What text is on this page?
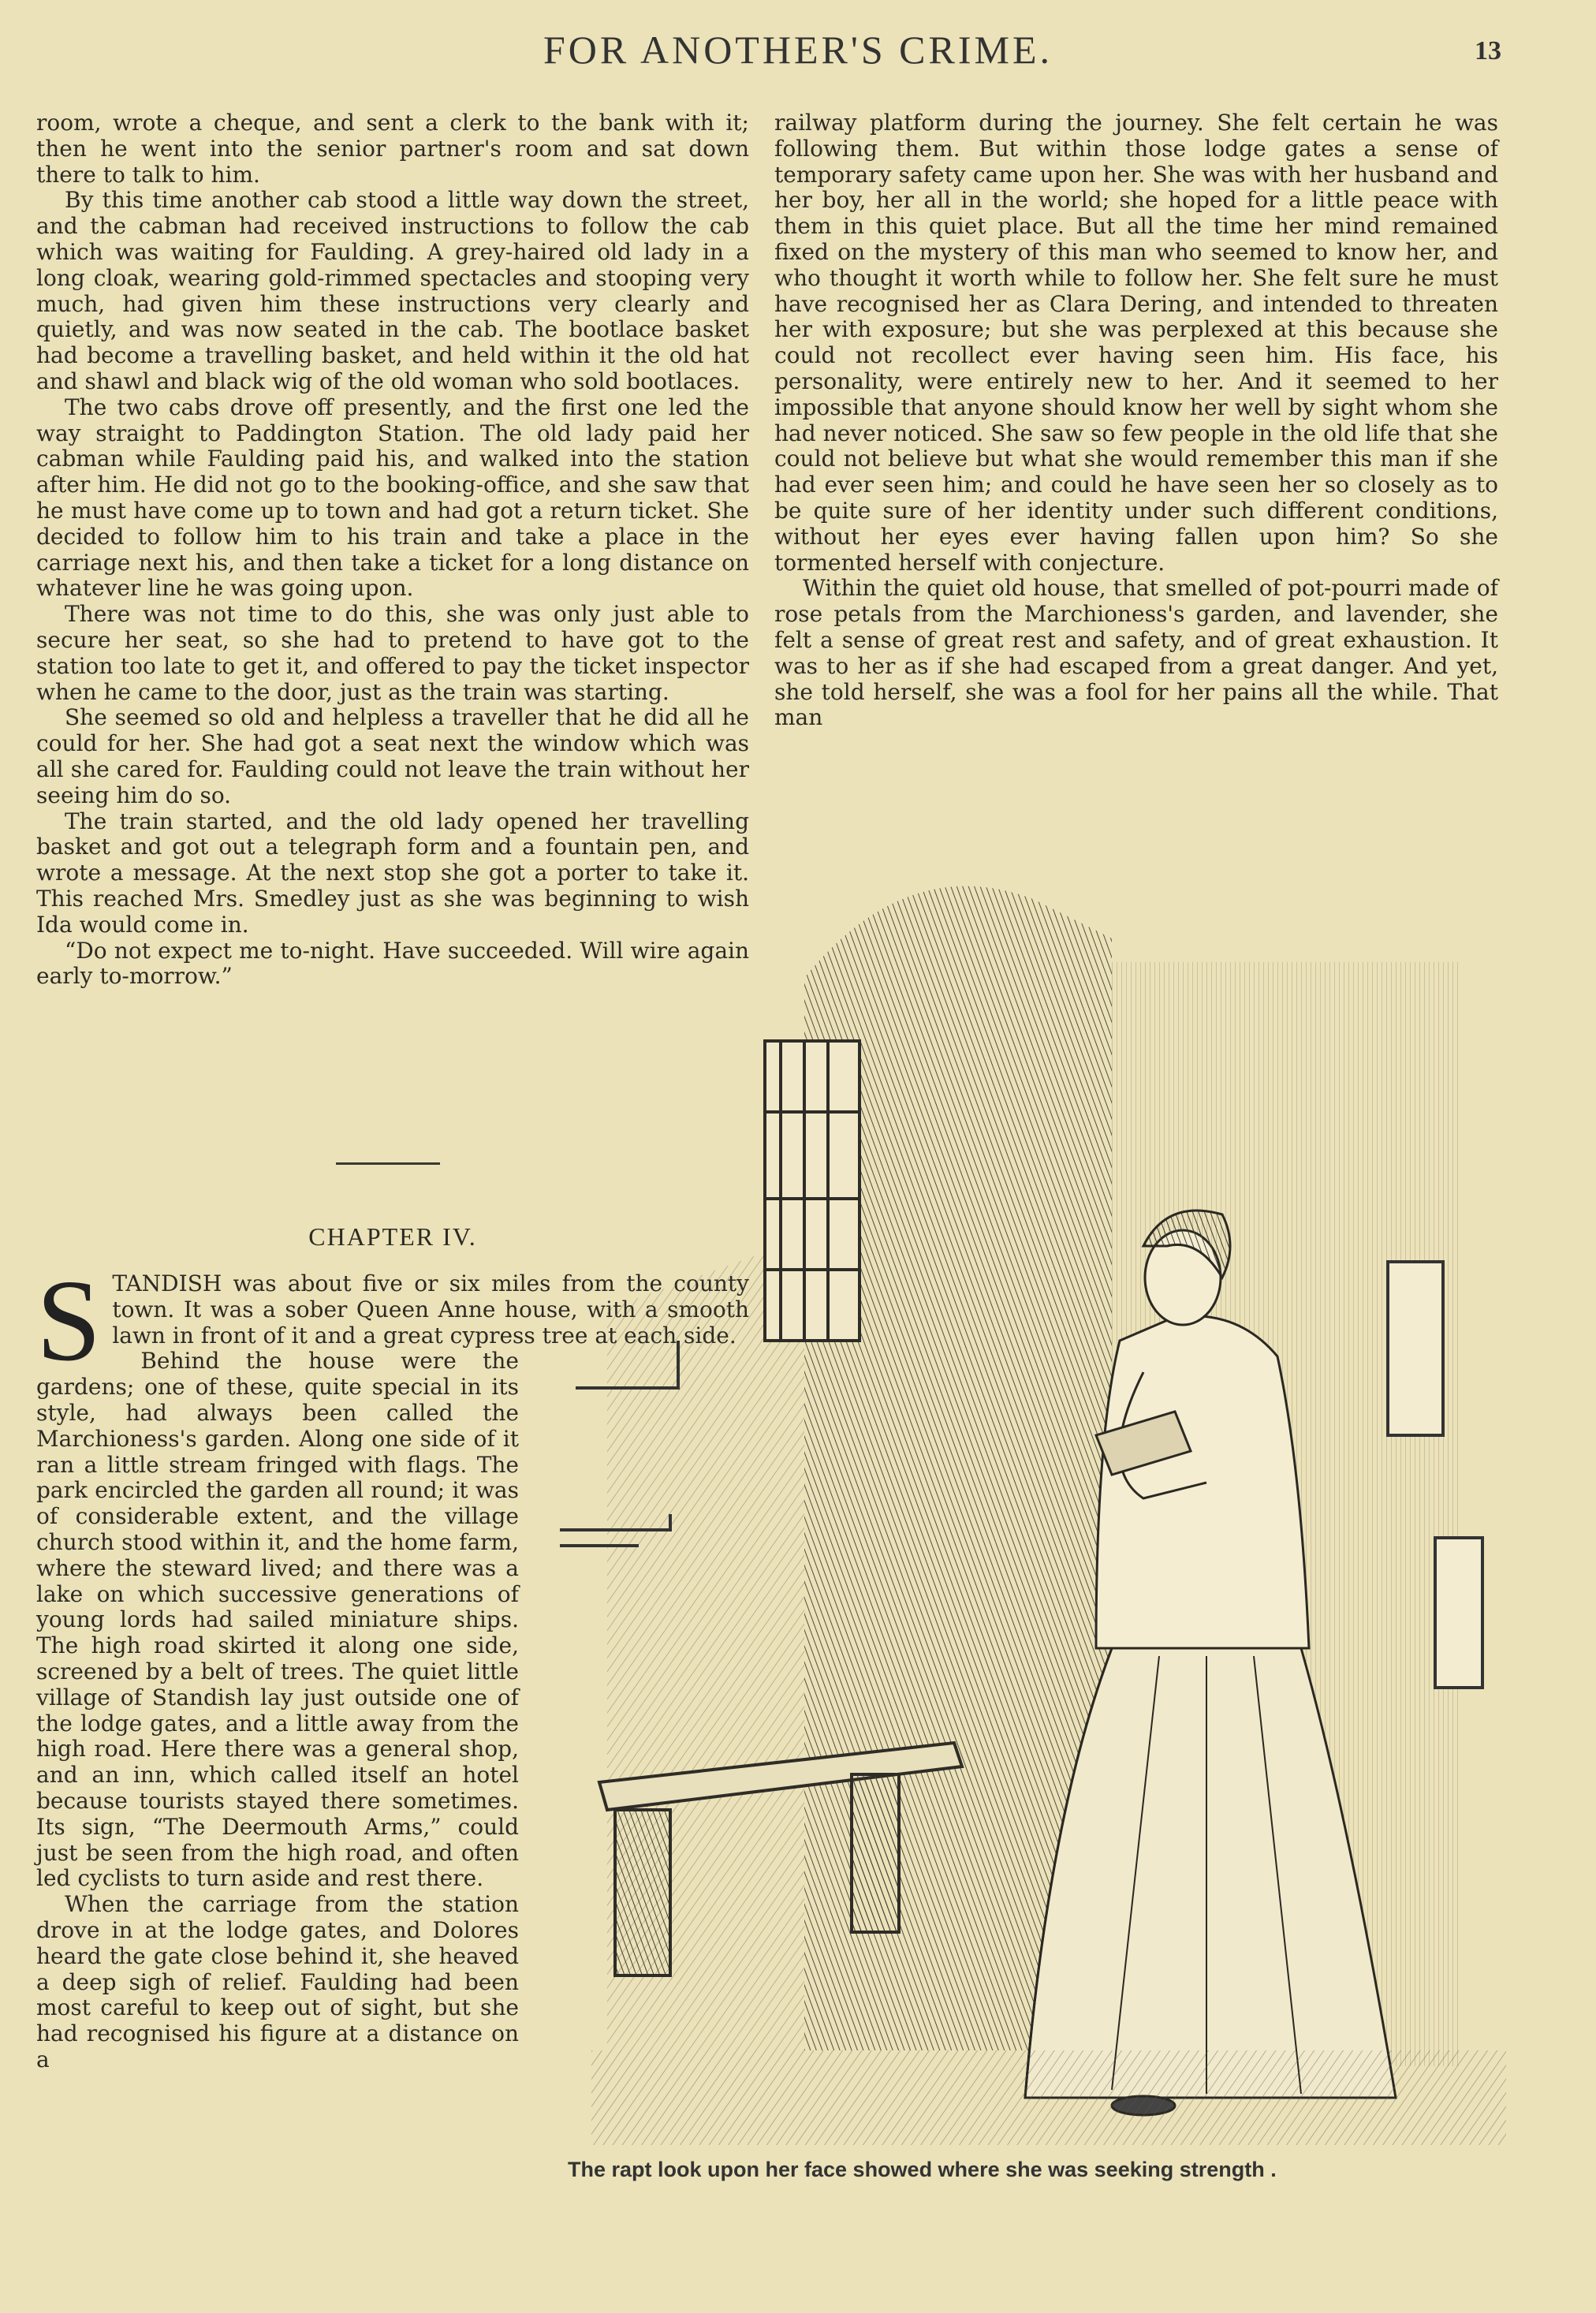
FOR ANOTHER'S CRIME.	13

room, wrote a cheque, and sent a clerk to the bank with it; then he went into the senior partner's room and sat down there to talk to him.

By this time another cab stood a little way down the street, and the cabman had received instructions to follow the cab which was waiting for Faulding. A grey-haired old lady in a long cloak, wearing gold-rimmed spectacles and stooping very much, had given him these instructions very clearly and quietly, and was now seated in the cab. The bootlace basket had become a travelling basket, and held within it the old hat and shawl and black wig of the old woman who sold bootlaces.

The two cabs drove off presently, and the first one led the way straight to Paddington Station. The old lady paid her cabman while Faulding paid his, and walked into the station after him. He did not go to the booking-office, and she saw that he must have come up to town and had got a return ticket. She decided to follow him to his train and take a place in the carriage next his, and then take a ticket for a long distance on whatever line he was going upon.

There was not time to do this, she was only just able to secure her seat, so she had to pretend to have got to the station too late to get it, and offered to pay the ticket inspector when he came to the door, just as the train was starting.

She seemed so old and helpless a traveller that he did all he could for her. She had got a seat next the window which was all she cared for. Faulding could not leave the train without her seeing him do so.

The train started, and the old lady opened her travelling basket and got out a telegraph form and a fountain pen, and wrote a message. At the next stop she got a porter to take it. This reached Mrs. Smedley just as she was beginning to wish Ida would come in.

“Do not expect me to-night. Have succeeded. Will wire again early to-morrow.”

CHAPTER IV.

STANDISH was about five or six miles from the county town. It was a sober Queen Anne house, with a smooth lawn in front of it and a great cypress tree at each side.

Behind the house were the gardens; one of these, quite special in its style, had always been called the Marchioness's garden. Along one side of it ran a little stream fringed with flags. The park encircled the garden all round; it was of considerable extent, and the village church stood within it, and the home farm, where the steward lived; and there was a lake on which successive generations of young lords had sailed miniature ships. The high road skirted it along one side, screened by a belt of trees. The quiet little village of Standish lay just outside one of the lodge gates, and a little away from the high road. Here there was a general shop, and an inn, which called itself an hotel because tourists stayed there sometimes. Its sign, “The Deermouth Arms,” could just be seen from the high road, and often led cyclists to turn aside and rest there.

When the carriage from the station drove in at the lodge gates, and Dolores heard the gate close behind it, she heaved a deep sigh of relief. Faulding had been most careful to keep out of sight, but she had recognised his figure at a distance on a

railway platform during the journey. She felt certain he was following them. But within those lodge gates a sense of temporary safety came upon her. She was with her husband and her boy, her all in the world; she hoped for a little peace with them in this quiet place. But all the time her mind remained fixed on the mystery of this man who seemed to know her, and who thought it worth while to follow her. She felt sure he must have recognised her as Clara Dering, and intended to threaten her with exposure; but she was perplexed at this because she could not recollect ever having seen him. His face, his personality, were entirely new to her. And it seemed to her impossible that anyone should know her well by sight whom she had never noticed. She saw so few people in the old life that she could not believe but what she would remember this man if she had ever seen him; and could he have seen her so closely as to be quite sure of her identity under such different conditions, without her eyes ever having fallen upon him? So she tormented herself with conjecture.

Within the quiet old house, that smelled of pot-pourri made of rose petals from the Marchioness's garden, and lavender, she felt a sense of great rest and safety, and of great exhaustion. It was to her as if she had escaped from a great danger. And yet, she told herself, she was a fool for her pains all the while. That man

The rapt look upon her face showed where she was seeking strength .
